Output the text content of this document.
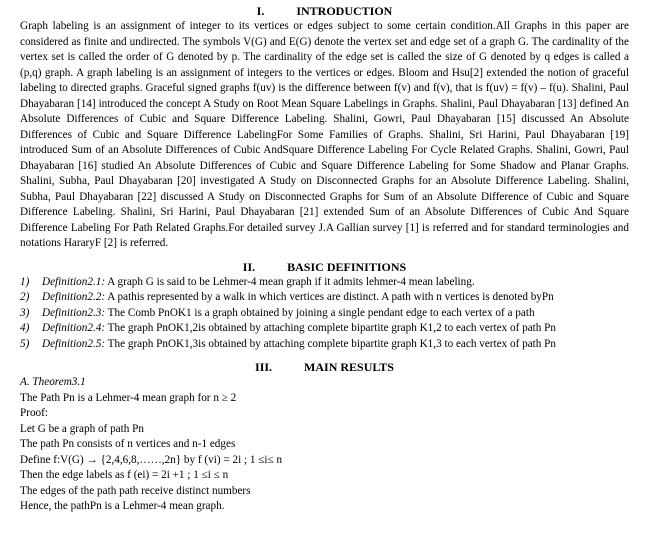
I.	INTRODUCTION

Graph labeling is an assignment of integer to its vertices or edges subject to some certain condition.All Graphs in this paper are considered as finite and undirected. The symbols V(G) and E(G) denote the vertex set and edge set of a graph G. The cardinality of the vertex set is called the order of G denoted by p. The cardinality of the edge set is called the size of G denoted by q edges is called a (p,q) graph. A graph labeling is an assignment of integers to the vertices or edges. Bloom and Hsu[2] extended the notion of graceful labeling to directed graphs. Graceful signed graphs f(uv) is the difference between f(v) and f(v), that is f(uv) = f(v) – f(u). Shalini, Paul Dhayabaran [14] introduced the concept A Study on Root Mean Square Labelings in Graphs. Shalini, Paul Dhayabaran [13] defined An Absolute Differences of Cubic and Square Difference Labeling. Shalini, Gowri, Paul Dhayabaran [15] discussed An Absolute Differences of Cubic and Square Difference LabelingFor Some Families of Graphs. Shalini, Sri Harini, Paul Dhayabaran [19] introduced Sum of an Absolute Differences of Cubic AndSquare Difference Labeling For Cycle Related Graphs. Shalini, Gowri, Paul Dhayabaran [16] studied An Absolute Differences of Cubic and Square Difference Labeling for Some Shadow and Planar Graphs. Shalini, Subha, Paul Dhayabaran [20] investigated A Study on Disconnected Graphs for an Absolute Difference Labeling. Shalini, Subha, Paul Dhayabaran [22] discussed A Study on Disconnected Graphs for Sum of an Absolute Difference of Cubic and Square Difference Labeling. Shalini, Sri Harini, Paul Dhayabaran [21] extended Sum of an Absolute Differences of Cubic And Square Difference Labeling For Path Related Graphs.For detailed survey J.A Gallian survey [1] is referred and for standard terminologies and notations HararyF [2] is referred.

II.	BASIC DEFINITIONS
1)	Definition2.1: A graph G is said to be Lehmer-4 mean graph if it admits lehmer-4 mean labeling.
2)	Definition2.2: A pathis represented by a walk in which vertices are distinct. A path with n vertices is denoted byPn
3)	Definition2.3: The Comb PnOK1 is a graph obtained by joining a single pendant edge to each vertex of a path
4)	Definition2.4: The graph PnOK1,2is obtained by attaching complete bipartite graph K1,2 to each vertex of path Pn
5)	Definition2.5: The graph PnOK1,3is obtained by attaching complete bipartite graph K1,3 to each vertex of path Pn
III.	MAIN RESULTS
A. Theorem3.1
The Path Pn is a Lehmer-4 mean graph for n ≥ 2
Proof:
Let G be a graph of path Pn
The path Pn consists of n vertices and n-1 edges
Define f:V(G) → {2,4,6,8,……,2n} by f (vi) = 2i ; 1 ≤i≤ n
Then the edge labels as f (ei) = 2i +1 ; 1 ≤i ≤ n
The edges of the path path receive distinct numbers
Hence, the pathPn is a Lehmer-4 mean graph.
